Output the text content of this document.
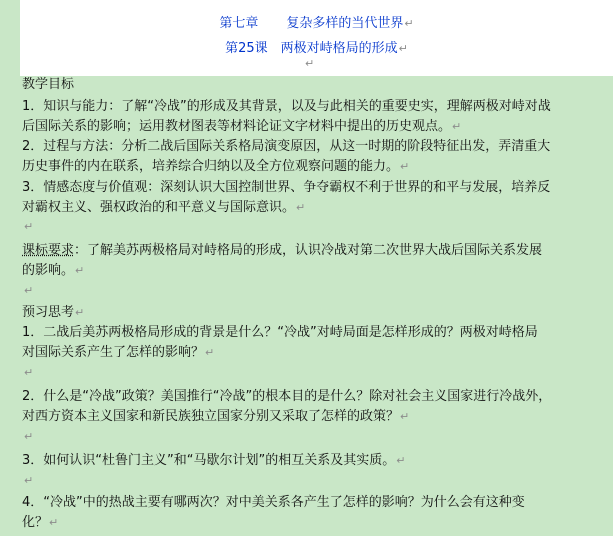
第七章 复杂多样的当代世界↵
第25课　两极对峙格局的形成↵
↵
教学目标
1．知识与能力：了解“冷战”的形成及其背景，以及与此相关的重要史实，理解两极对峙对战
后国际关系的影响；运用教材图表等材料论证文字材料中提出的历史观点。↵
2．过程与方法：分析二战后国际关系格局演变原因，从这一时期的阶段特征出发，弄清重大
历史事件的内在联系，培养综合归纳以及全方位观察问题的能力。↵
3．情感态度与价值观：深刻认识大国控制世界、争夺霸权不利于世界的和平与发展，培养反
对霸权主义、强权政治的和平意义与国际意识。↵
↵
课标要求：了解美苏两极格局对峙格局的形成，认识冷战对第二次世界大战后国际关系发展
的影响。↵
↵
预习思考↵
1．二战后美苏两极格局形成的背景是什么？“冷战”对峙局面是怎样形成的？两极对峙格局
对国际关系产生了怎样的影响？↵
↵
2．什么是“冷战”政策？美国推行“冷战”的根本目的是什么？除对社会主义国家进行冷战外，
对西方资本主义国家和新民族独立国家分别又采取了怎样的政策？↵
↵
3．如何认识“杜鲁门主义”和“马歇尔计划”的相互关系及其实质。↵
↵
4．“冷战”中的热战主要有哪两次？对中美关系各产生了怎样的影响？为什么会有这种变
化？↵
